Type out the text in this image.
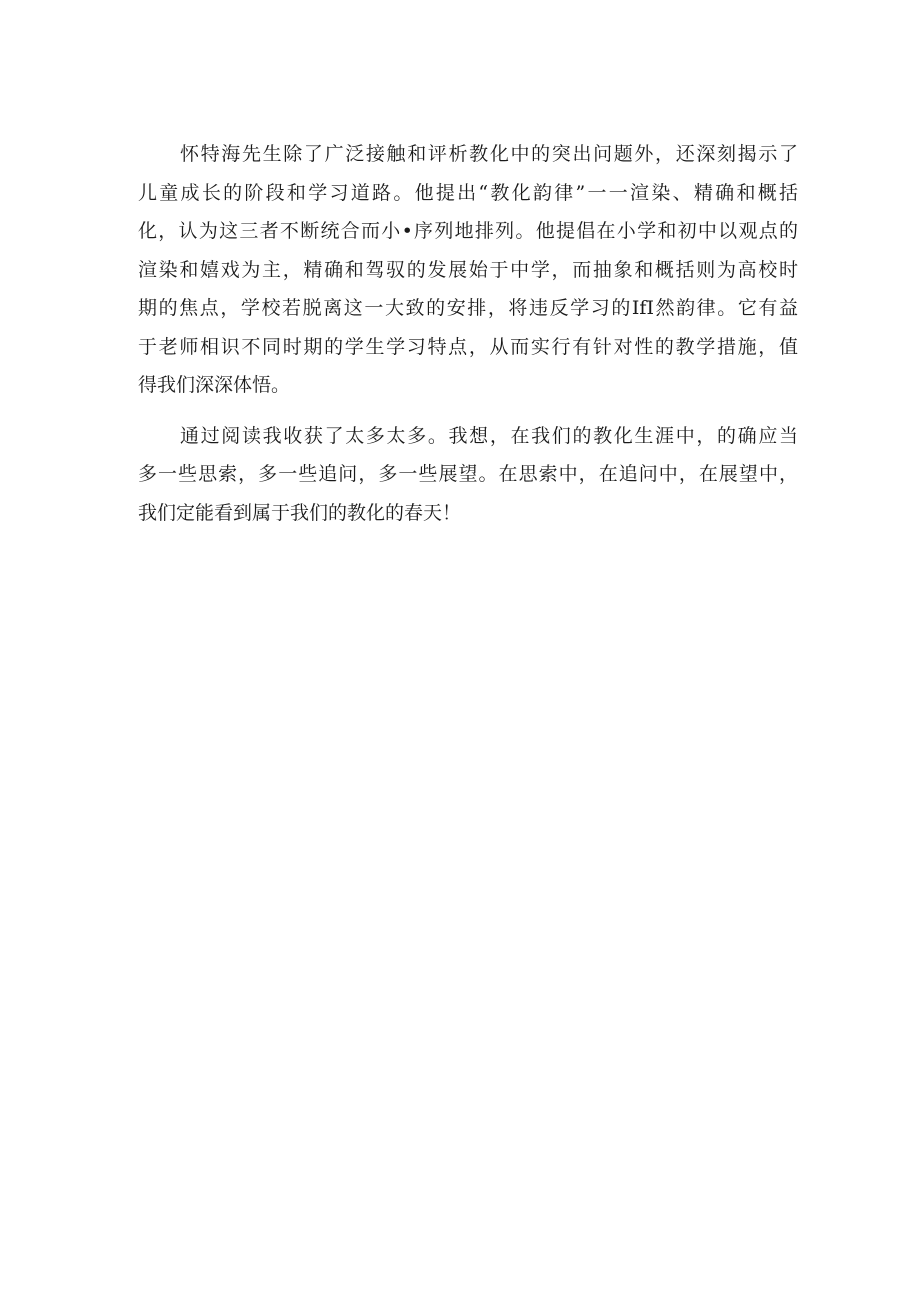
怀特海先生除了广泛接触和评析教化中的突出问题外，还深刻揭示了
儿童成长的阶段和学习道路。他提出“教化韵律”一一渲染、精确和概括
化，认为这三者不断统合而小•序列地排列。他提倡在小学和初中以观点的
渲染和嬉戏为主，精确和驾驭的发展始于中学，而抽象和概括则为高校时
期的焦点，学校若脱离这一大致的安排，将违反学习的IfI然韵律。它有益
于老师相识不同时期的学生学习特点，从而实行有针对性的教学措施，值
得我们深深体悟。
通过阅读我收获了太多太多。我想，在我们的教化生涯中，的确应当
多一些思索，多一些追问，多一些展望。在思索中，在追问中，在展望中，
我们定能看到属于我们的教化的春天！
